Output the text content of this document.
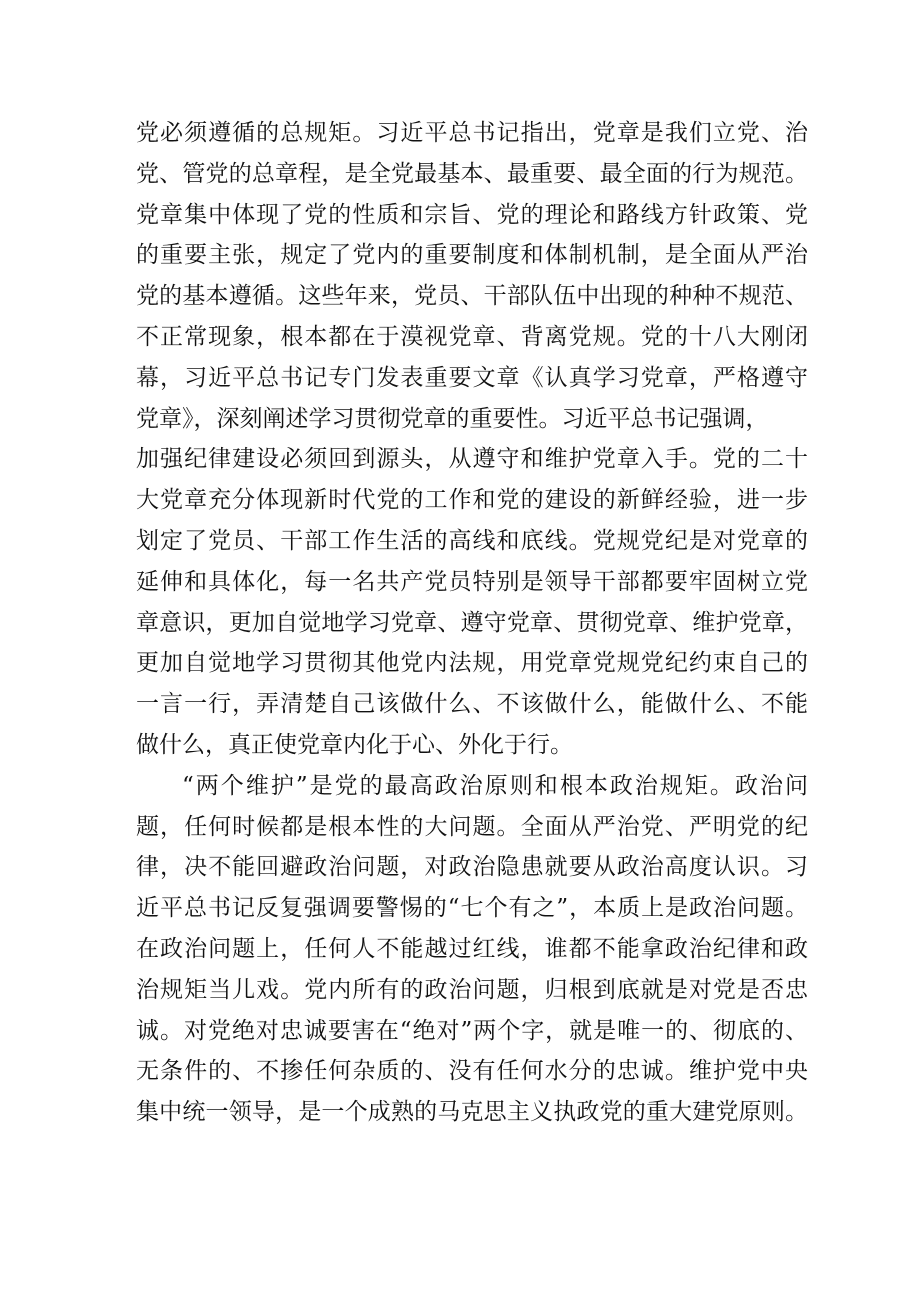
党必须遵循的总规矩。习近平总书记指出，党章是我们立党、治
党、管党的总章程，是全党最基本、最重要、最全面的行为规范。
党章集中体现了党的性质和宗旨、党的理论和路线方针政策、党
的重要主张，规定了党内的重要制度和体制机制，是全面从严治
党的基本遵循。这些年来，党员、干部队伍中出现的种种不规范、
不正常现象，根本都在于漠视党章、背离党规。党的十八大刚闭
幕，习近平总书记专门发表重要文章《认真学习党章，严格遵守
党章》，深刻阐述学习贯彻党章的重要性。习近平总书记强调，
加强纪律建设必须回到源头，从遵守和维护党章入手。党的二十
大党章充分体现新时代党的工作和党的建设的新鲜经验，进一步
划定了党员、干部工作生活的高线和底线。党规党纪是对党章的
延伸和具体化，每一名共产党员特别是领导干部都要牢固树立党
章意识，更加自觉地学习党章、遵守党章、贯彻党章、维护党章，
更加自觉地学习贯彻其他党内法规，用党章党规党纪约束自己的
一言一行，弄清楚自己该做什么、不该做什么，能做什么、不能
做什么，真正使党章内化于心、外化于行。
“两个维护”是党的最高政治原则和根本政治规矩。政治问
题，任何时候都是根本性的大问题。全面从严治党、严明党的纪
律，决不能回避政治问题，对政治隐患就要从政治高度认识。习
近平总书记反复强调要警惕的“七个有之”，本质上是政治问题。
在政治问题上，任何人不能越过红线，谁都不能拿政治纪律和政
治规矩当儿戏。党内所有的政治问题，归根到底就是对党是否忠
诚。对党绝对忠诚要害在“绝对”两个字，就是唯一的、彻底的、
无条件的、不掺任何杂质的、没有任何水分的忠诚。维护党中央
集中统一领导，是一个成熟的马克思主义执政党的重大建党原则。
